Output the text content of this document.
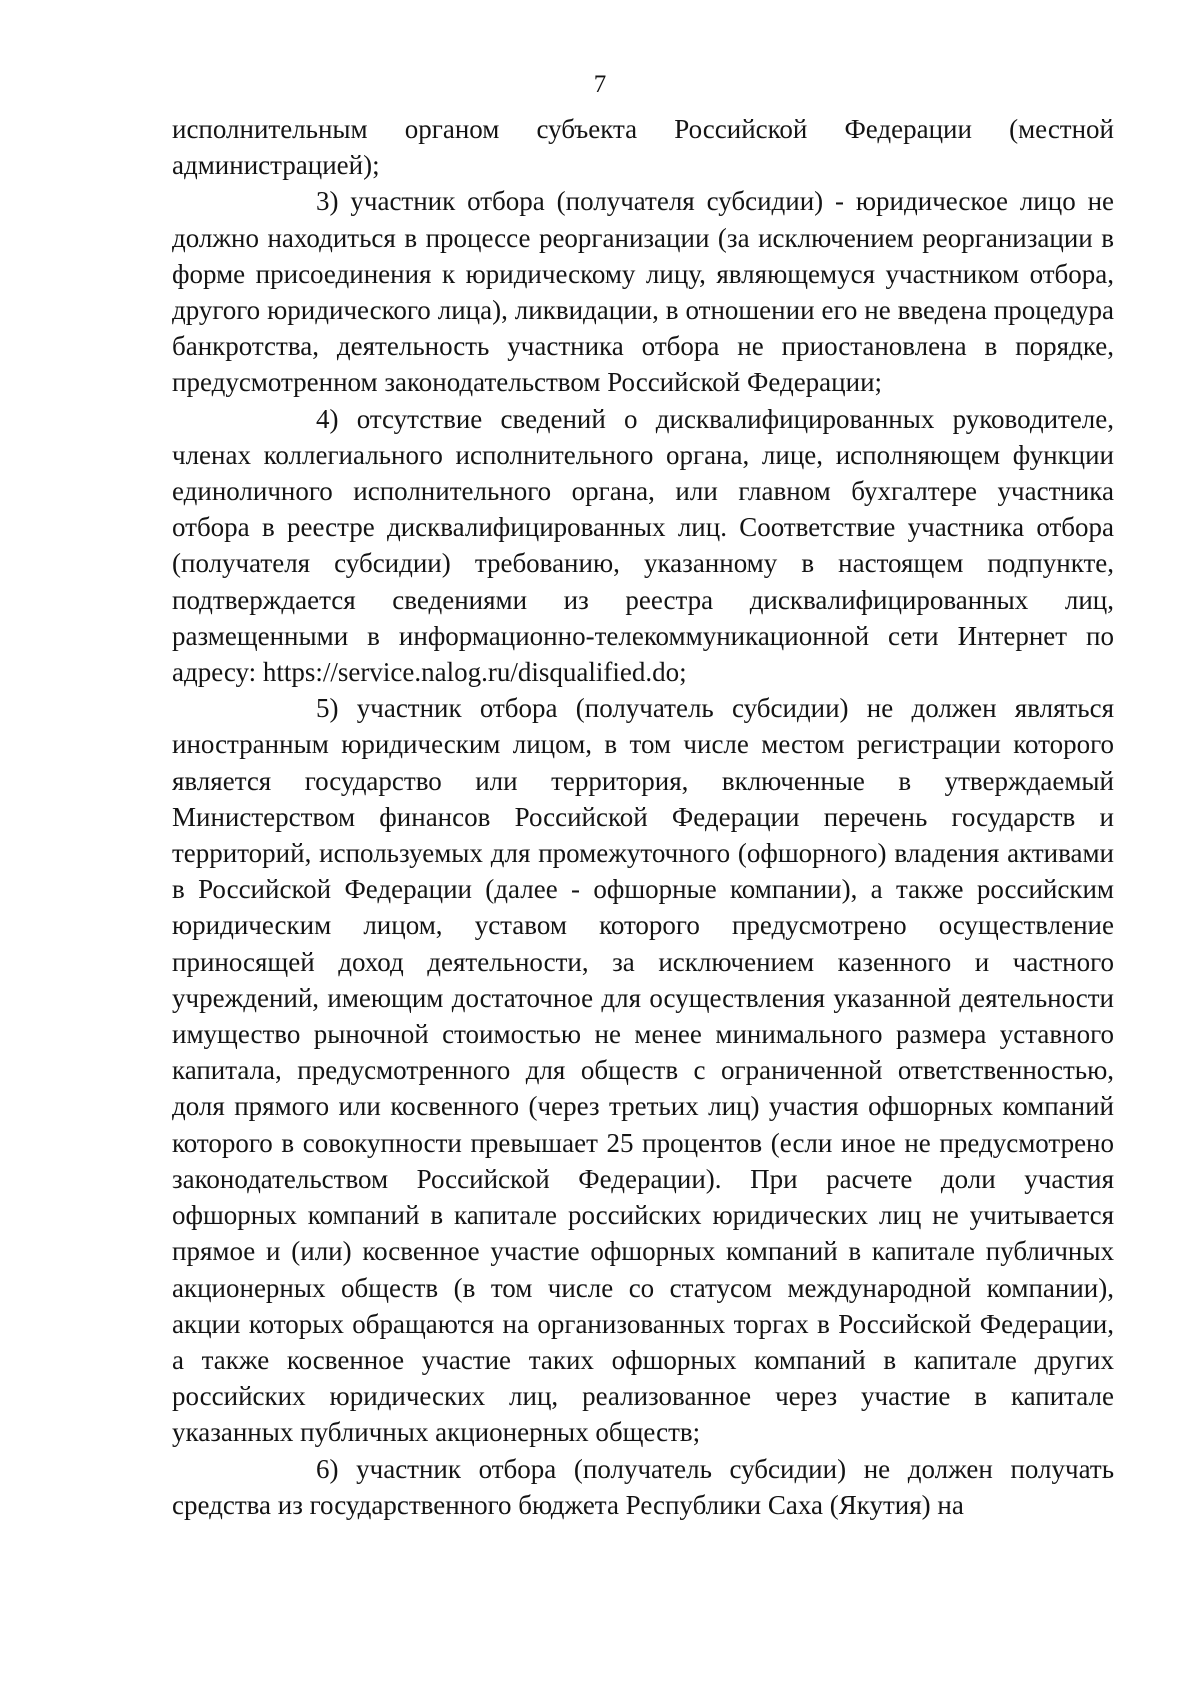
7

исполнительным органом субъекта Российской Федерации (местной администрацией);

3) участник отбора (получателя субсидии) - юридическое лицо не должно находиться в процессе реорганизации (за исключением реорганизации в форме присоединения к юридическому лицу, являющемуся участником отбора, другого юридического лица), ликвидации, в отношении его не введена процедура банкротства, деятельность участника отбора не приостановлена в порядке, предусмотренном законодательством Российской Федерации;

4) отсутствие сведений о дисквалифицированных руководителе, членах коллегиального исполнительного органа, лице, исполняющем функции единоличного исполнительного органа, или главном бухгалтере участника отбора в реестре дисквалифицированных лиц. Соответствие участника отбора (получателя субсидии) требованию, указанному в настоящем подпункте, подтверждается сведениями из реестра дисквалифицированных лиц, размещенными в информационно-телекоммуникационной сети Интернет по адресу: https://service.nalog.ru/disqualified.do;

5) участник отбора (получатель субсидии) не должен являться иностранным юридическим лицом, в том числе местом регистрации которого является государство или территория, включенные в утверждаемый Министерством финансов Российской Федерации перечень государств и территорий, используемых для промежуточного (офшорного) владения активами в Российской Федерации (далее - офшорные компании), а также российским юридическим лицом, уставом которого предусмотрено осуществление приносящей доход деятельности, за исключением казенного и частного учреждений, имеющим достаточное для осуществления указанной деятельности имущество рыночной стоимостью не менее минимального размера уставного капитала, предусмотренного для обществ с ограниченной ответственностью, доля прямого или косвенного (через третьих лиц) участия офшорных компаний которого в совокупности превышает 25 процентов (если иное не предусмотрено законодательством Российской Федерации). При расчете доли участия офшорных компаний в капитале российских юридических лиц не учитывается прямое и (или) косвенное участие офшорных компаний в капитале публичных акционерных обществ (в том числе со статусом международной компании), акции которых обращаются на организованных торгах в Российской Федерации, а также косвенное участие таких офшорных компаний в капитале других российских юридических лиц, реализованное через участие в капитале указанных публичных акционерных обществ;

6) участник отбора (получатель субсидии) не должен получать средства из государственного бюджета Республики Саха (Якутия) на
